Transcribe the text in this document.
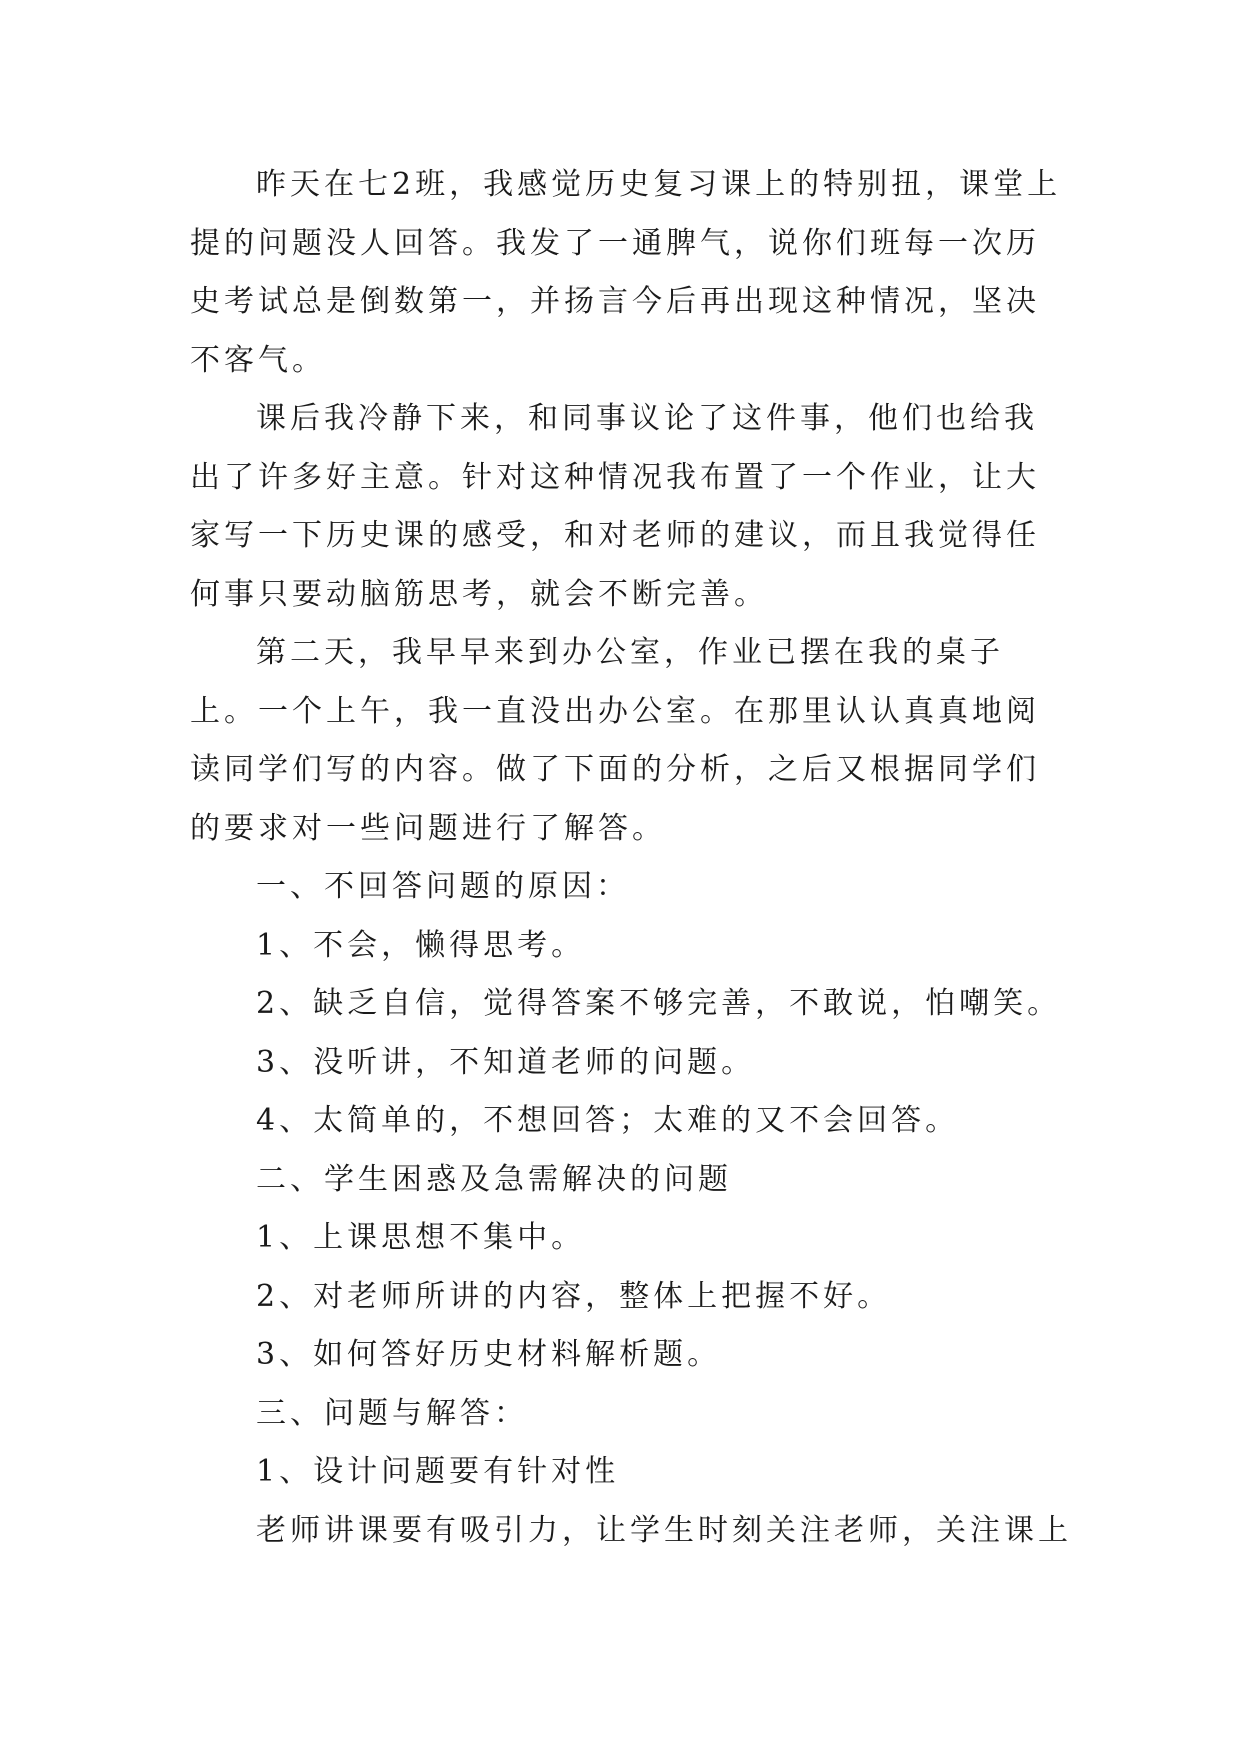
昨天在七2班，我感觉历史复习课上的特别扭，课堂上提的问题没人回答。我发了一通脾气，说你们班每一次历史考试总是倒数第一，并扬言今后再出现这种情况，坚决不客气。

课后我冷静下来，和同事议论了这件事，他们也给我出了许多好主意。针对这种情况我布置了一个作业，让大家写一下历史课的感受，和对老师的建议，而且我觉得任何事只要动脑筋思考，就会不断完善。

第二天，我早早来到办公室，作业已摆在我的桌子上。一个上午，我一直没出办公室。在那里认认真真地阅读同学们写的内容。做了下面的分析，之后又根据同学们的要求对一些问题进行了解答。

一、不回答问题的原因：

1、不会，懒得思考。

2、缺乏自信，觉得答案不够完善，不敢说，怕嘲笑。

3、没听讲，不知道老师的问题。

4、太简单的，不想回答；太难的又不会回答。

二、学生困惑及急需解决的问题

1、上课思想不集中。

2、对老师所讲的内容，整体上把握不好。

3、如何答好历史材料解析题。

三、问题与解答：

1、设计问题要有针对性

老师讲课要有吸引力，让学生时刻关注老师，关注课上
